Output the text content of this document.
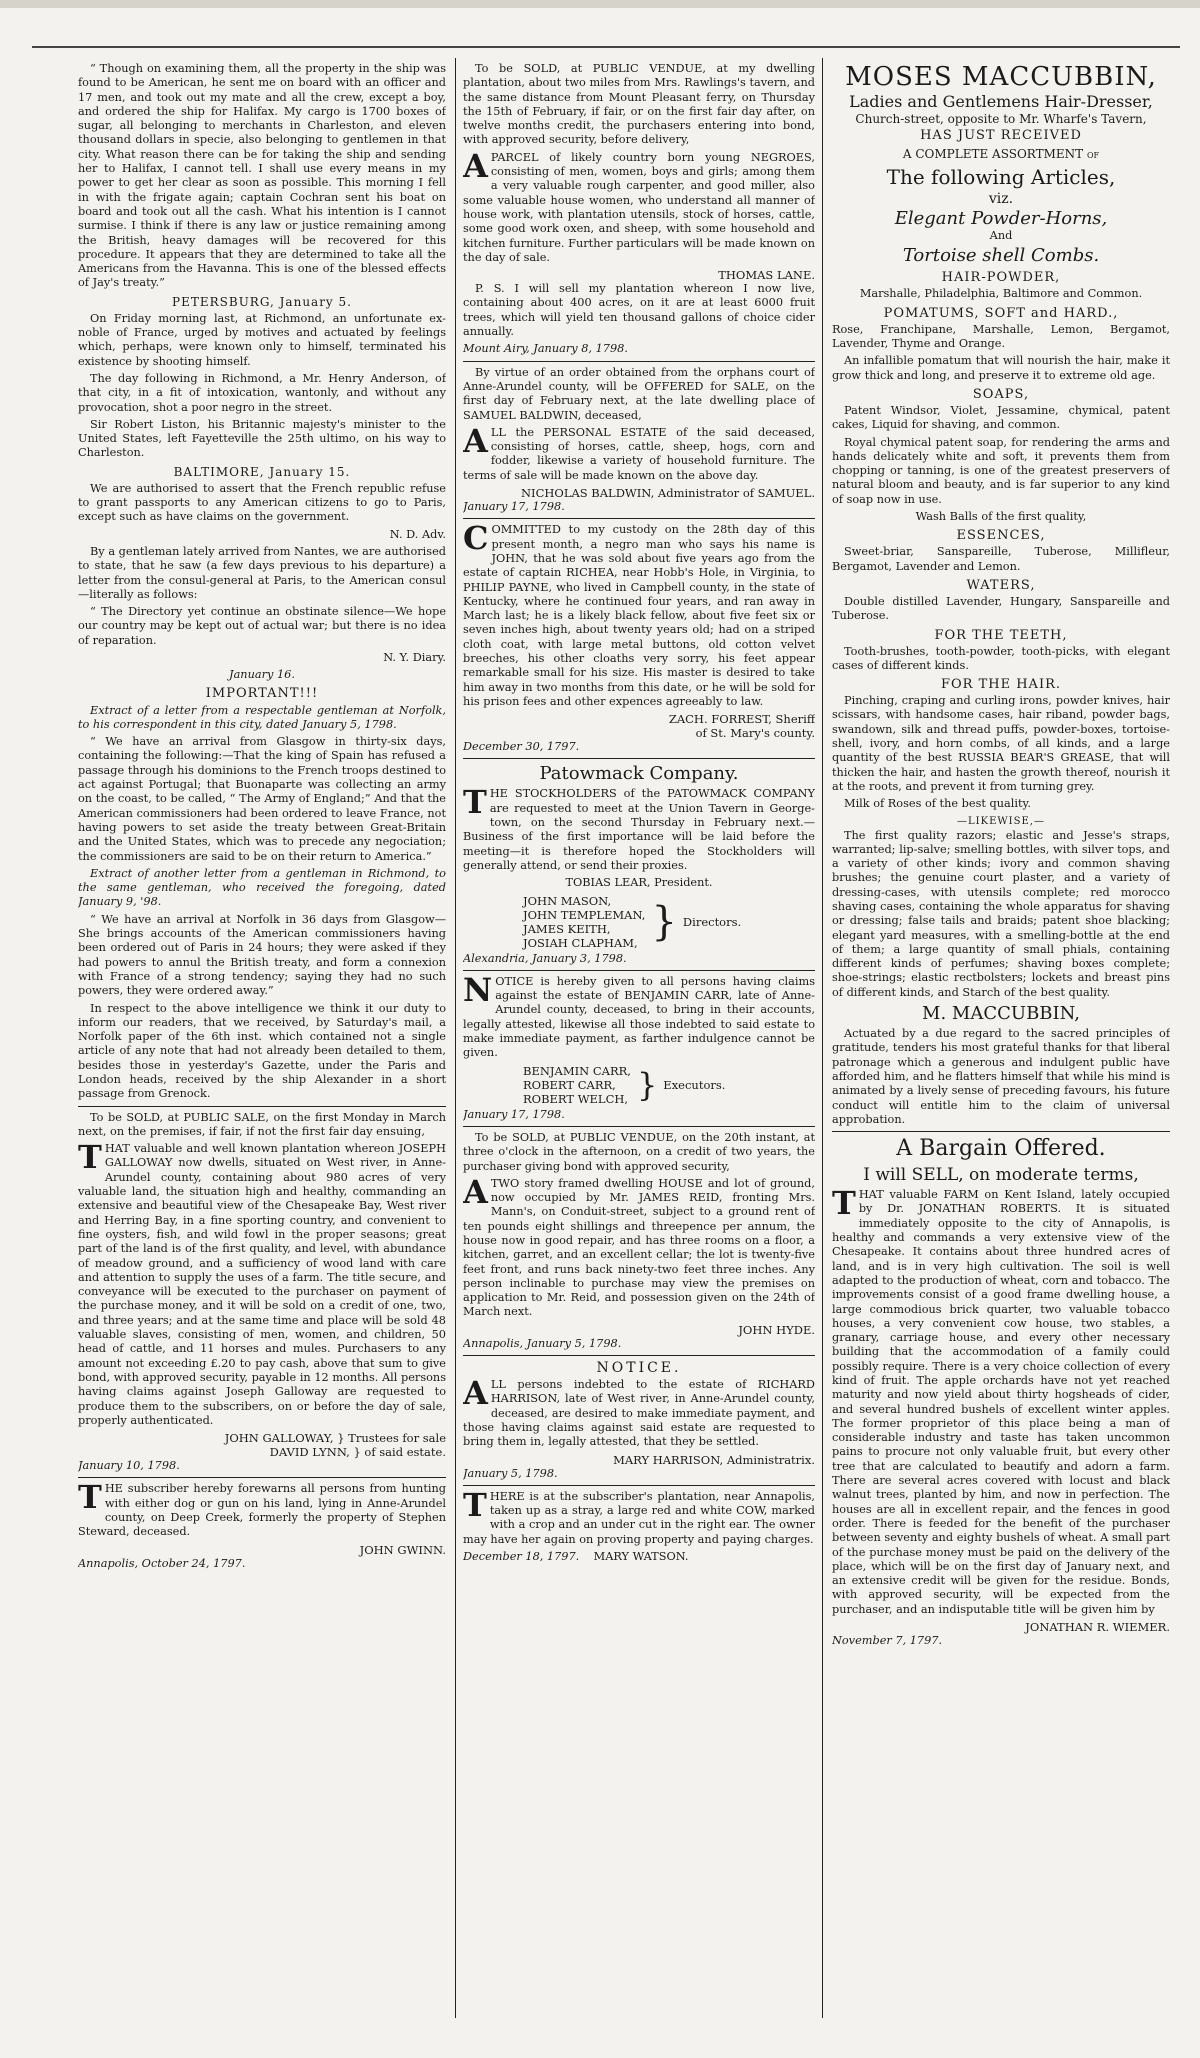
“ Though on examining them, all the property in the ship was found to be American, he sent me on board with an officer and 17 men, and took out my mate and all the crew, except a boy, and ordered the ship for Halifax. My cargo is 1700 boxes of sugar, all belonging to merchants in Charleston, and eleven thousand dollars in specie, also belonging to gentlemen in that city. What reason there can be for taking the ship and sending her to Halifax, I cannot tell. I shall use every means in my power to get her clear as soon as possible. This morning I fell in with the frigate again; captain Cochran sent his boat on board and took out all the cash. What his intention is I cannot surmise. I think if there is any law or justice remaining among the British, heavy damages will be recovered for this procedure. It appears that they are determined to take all the Americans from the Havanna. This is one of the blessed effects of Jay's treaty.”

PETERSBURG, January 5.

On Friday morning last, at Richmond, an unfortunate ex-noble of France, urged by motives and actuated by feelings which, perhaps, were known only to himself, terminated his existence by shooting himself.

The day following in Richmond, a Mr. Henry Anderson, of that city, in a fit of intoxication, wantonly, and without any provocation, shot a poor negro in the street.

Sir Robert Liston, his Britannic majesty's minister to the United States, left Fayetteville the 25th ultimo, on his way to Charleston.

BALTIMORE, January 15.

We are authorised to assert that the French republic refuse to grant passports to any American citizens to go to Paris, except such as have claims on the government.

N. D. Adv.

By a gentleman lately arrived from Nantes, we are authorised to state, that he saw (a few days previous to his departure) a letter from the consul-general at Paris, to the American consul—literally as follows:

“ The Directory yet continue an obstinate silence—We hope our country may be kept out of actual war; but there is no idea of reparation.

N. Y. Diary.

January 16.

IMPORTANT!!!

Extract of a letter from a respectable gentleman at Norfolk, to his correspondent in this city, dated January 5, 1798.

“ We have an arrival from Glasgow in thirty-six days, containing the following:—That the king of Spain has refused a passage through his dominions to the French troops destined to act against Portugal; that Buonaparte was collecting an army on the coast, to be called, “ The Army of England;” And that the American commissioners had been ordered to leave France, not having powers to set aside the treaty between Great-Britain and the United States, which was to precede any negociation; the commissioners are said to be on their return to America.”

Extract of another letter from a gentleman in Richmond, to the same gentleman, who received the foregoing, dated January 9, '98.

“ We have an arrival at Norfolk in 36 days from Glasgow—She brings accounts of the American commissioners having been ordered out of Paris in 24 hours; they were asked if they had powers to annul the British treaty, and form a connexion with France of a strong tendency; saying they had no such powers, they were ordered away.”

In respect to the above intelligence we think it our duty to inform our readers, that we received, by Saturday's mail, a Norfolk paper of the 6th inst. which contained not a single article of any note that had not already been detailed to them, besides those in yesterday's Gazette, under the Paris and London heads, received by the ship Alexander in a short passage from Grenock.

To be SOLD, at PUBLIC SALE, on the first Monday in March next, on the premises, if fair, if not the first fair day ensuing,

THAT valuable and well known plantation whereon JOSEPH GALLOWAY now dwells, situated on West river, in Anne-Arundel county, containing about 980 acres of very valuable land, the situation high and healthy, commanding an extensive and beautiful view of the Chesapeake Bay, West river and Herring Bay, in a fine sporting country, and convenient to fine oysters, fish, and wild fowl in the proper seasons; great part of the land is of the first quality, and level, with abundance of meadow ground, and a sufficiency of wood land with care and attention to supply the uses of a farm. The title secure, and conveyance will be executed to the purchaser on payment of the purchase money, and it will be sold on a credit of one, two, and three years; and at the same time and place will be sold 48 valuable slaves, consisting of men, women, and children, 50 head of cattle, and 11 horses and mules. Purchasers to any amount not exceeding £.20 to pay cash, above that sum to give bond, with approved security, payable in 12 months. All persons having claims against Joseph Galloway are requested to produce them to the subscribers, on or before the day of sale, properly authenticated.

JOHN GALLOWAY, } Trustees for sale
DAVID LYNN, } of said estate.

January 10, 1798.

THE subscriber hereby forewarns all persons from hunting with either dog or gun on his land, lying in Anne-Arundel county, on Deep Creek, formerly the property of Stephen Steward, deceased.

JOHN GWINN.

Annapolis, October 24, 1797.

To be SOLD, at PUBLIC VENDUE, at my dwelling plantation, about two miles from Mrs. Rawlings's tavern, and the same distance from Mount Pleasant ferry, on Thursday the 15th of February, if fair, or on the first fair day after, on twelve months credit, the purchasers entering into bond, with approved security, before delivery,

APARCEL of likely country born young NEGROES, consisting of men, women, boys and girls; among them a very valuable rough carpenter, and good miller, also some valuable house women, who understand all manner of house work, with plantation utensils, stock of horses, cattle, some good work oxen, and sheep, with some household and kitchen furniture. Further particulars will be made known on the day of sale.

THOMAS LANE.

P. S. I will sell my plantation whereon I now live, containing about 400 acres, on it are at least 6000 fruit trees, which will yield ten thousand gallons of choice cider annually.

Mount Airy, January 8, 1798.

By virtue of an order obtained from the orphans court of Anne-Arundel county, will be OFFERED for SALE, on the first day of February next, at the late dwelling place of SAMUEL BALDWIN, deceased,

ALL the PERSONAL ESTATE of the said deceased, consisting of horses, cattle, sheep, hogs, corn and fodder, likewise a variety of household furniture. The terms of sale will be made known on the above day.

NICHOLAS BALDWIN, Administrator of SAMUEL.

January 17, 1798.

COMMITTED to my custody on the 28th day of this present month, a negro man who says his name is JOHN, that he was sold about five years ago from the estate of captain RICHEA, near Hobb's Hole, in Virginia, to PHILIP PAYNE, who lived in Campbell county, in the state of Kentucky, where he continued four years, and ran away in March last; he is a likely black fellow, about five feet six or seven inches high, about twenty years old; had on a striped cloth coat, with large metal buttons, old cotton velvet breeches, his other cloaths very sorry, his feet appear remarkable small for his size. His master is desired to take him away in two months from this date, or he will be sold for his prison fees and other expences agreeably to law.

ZACH. FORREST, Sheriff
of St. Mary's county.

December 30, 1797.

Patowmack Company.

THE STOCKHOLDERS of the PATOWMACK COMPANY are requested to meet at the Union Tavern in George-town, on the second Thursday in February next.—Business of the first importance will be laid before the meeting—it is therefore hoped the Stockholders will generally attend, or send their proxies.

TOBIAS LEAR, President.

JOHN MASON,
JOHN TEMPLEMAN,
JAMES KEITH,
JOSIAH CLAPHAM, } Directors.

Alexandria, January 3, 1798.

NOTICE is hereby given to all persons having claims against the estate of BENJAMIN CARR, late of Anne-Arundel county, deceased, to bring in their accounts, legally attested, likewise all those indebted to said estate to make immediate payment, as farther indulgence cannot be given.

BENJAMIN CARR,
ROBERT CARR,
ROBERT WELCH, } Executors.

January 17, 1798.

To be SOLD, at PUBLIC VENDUE, on the 20th instant, at three o'clock in the afternoon, on a credit of two years, the purchaser giving bond with approved security,

ATWO story framed dwelling HOUSE and lot of ground, now occupied by Mr. JAMES REID, fronting Mrs. Mann's, on Conduit-street, subject to a ground rent of ten pounds eight shillings and threepence per annum, the house now in good repair, and has three rooms on a floor, a kitchen, garret, and an excellent cellar; the lot is twenty-five feet front, and runs back ninety-two feet three inches. Any person inclinable to purchase may view the premises on application to Mr. Reid, and possession given on the 24th of March next.

JOHN HYDE.

Annapolis, January 5, 1798.

NOTICE.

ALL persons indebted to the estate of RICHARD HARRISON, late of West river, in Anne-Arundel county, deceased, are desired to make immediate payment, and those having claims against said estate are requested to bring them in, legally attested, that they be settled.

MARY HARRISON, Administratrix.

January 5, 1798.

THERE is at the subscriber's plantation, near Annapolis, taken up as a stray, a large red and white COW, marked with a crop and an under cut in the right ear. The owner may have her again on proving property and paying charges.

December 18, 1797. MARY WATSON.

MOSES MACCUBBIN,
Ladies and Gentlemens Hair-Dresser,

Church-street, opposite to Mr. Wharfe's Tavern,

HAS JUST RECEIVED

A COMPLETE ASSORTMENT of

The following Articles,

viz.

Elegant Powder-Horns,

And

Tortoise shell Combs.
HAIR-POWDER,

Marshalle, Philadelphia, Baltimore and Common.

POMATUMS, SOFT and HARD.,

Rose, Franchipane, Marshalle, Lemon, Bergamot, Lavender, Thyme and Orange.

An infallible pomatum that will nourish the hair, make it grow thick and long, and preserve it to extreme old age.

SOAPS,

Patent Windsor, Violet, Jessamine, chymical, patent cakes, Liquid for shaving, and common.

Royal chymical patent soap, for rendering the arms and hands delicately white and soft, it prevents them from chopping or tanning, is one of the greatest preservers of natural bloom and beauty, and is far superior to any kind of soap now in use.

Wash Balls of the first quality,

ESSENCES,

Sweet-briar, Sanspareille, Tuberose, Millifleur, Bergamot, Lavender and Lemon.

WATERS,

Double distilled Lavender, Hungary, Sanspareille and Tuberose.

FOR THE TEETH,

Tooth-brushes, tooth-powder, tooth-picks, with elegant cases of different kinds.

FOR THE HAIR.

Pinching, craping and curling irons, powder knives, hair scissars, with handsome cases, hair riband, powder bags, swandown, silk and thread puffs, powder-boxes, tortoise-shell, ivory, and horn combs, of all kinds, and a large quantity of the best RUSSIA BEAR'S GREASE, that will thicken the hair, and hasten the growth thereof, nourish it at the roots, and prevent it from turning grey.

Milk of Roses of the best quality.

—LIKEWISE,—

The first quality razors; elastic and Jesse's straps, warranted; lip-salve; smelling bottles, with silver tops, and a variety of other kinds; ivory and common shaving brushes; the genuine court plaster, and a variety of dressing-cases, with utensils complete; red morocco shaving cases, containing the whole apparatus for shaving or dressing; false tails and braids; patent shoe blacking; elegant yard measures, with a smelling-bottle at the end of them; a large quantity of small phials, containing different kinds of perfumes; shaving boxes complete; shoe-strings; elastic rectbolsters; lockets and breast pins of different kinds, and Starch of the best quality.

M. MACCUBBIN,

Actuated by a due regard to the sacred principles of gratitude, tenders his most grateful thanks for that liberal patronage which a generous and indulgent public have afforded him, and he flatters himself that while his mind is animated by a lively sense of preceding favours, his future conduct will entitle him to the claim of universal approbation.

A Bargain Offered.
I will SELL, on moderate terms,

THAT valuable FARM on Kent Island, lately occupied by Dr. JONATHAN ROBERTS. It is situated immediately opposite to the city of Annapolis, is healthy and commands a very extensive view of the Chesapeake. It contains about three hundred acres of land, and is in very high cultivation. The soil is well adapted to the production of wheat, corn and tobacco. The improvements consist of a good frame dwelling house, a large commodious brick quarter, two valuable tobacco houses, a very convenient cow house, two stables, a granary, carriage house, and every other necessary building that the accommodation of a family could possibly require. There is a very choice collection of every kind of fruit. The apple orchards have not yet reached maturity and now yield about thirty hogsheads of cider, and several hundred bushels of excellent winter apples. The former proprietor of this place being a man of considerable industry and taste has taken uncommon pains to procure not only valuable fruit, but every other tree that are calculated to beautify and adorn a farm. There are several acres covered with locust and black walnut trees, planted by him, and now in perfection. The houses are all in excellent repair, and the fences in good order. There is feeded for the benefit of the purchaser between seventy and eighty bushels of wheat. A small part of the purchase money must be paid on the delivery of the place, which will be on the first day of January next, and an extensive credit will be given for the residue. Bonds, with approved security, will be expected from the purchaser, and an indisputable title will be given him by

JONATHAN R. WIEMER.

November 7, 1797.
